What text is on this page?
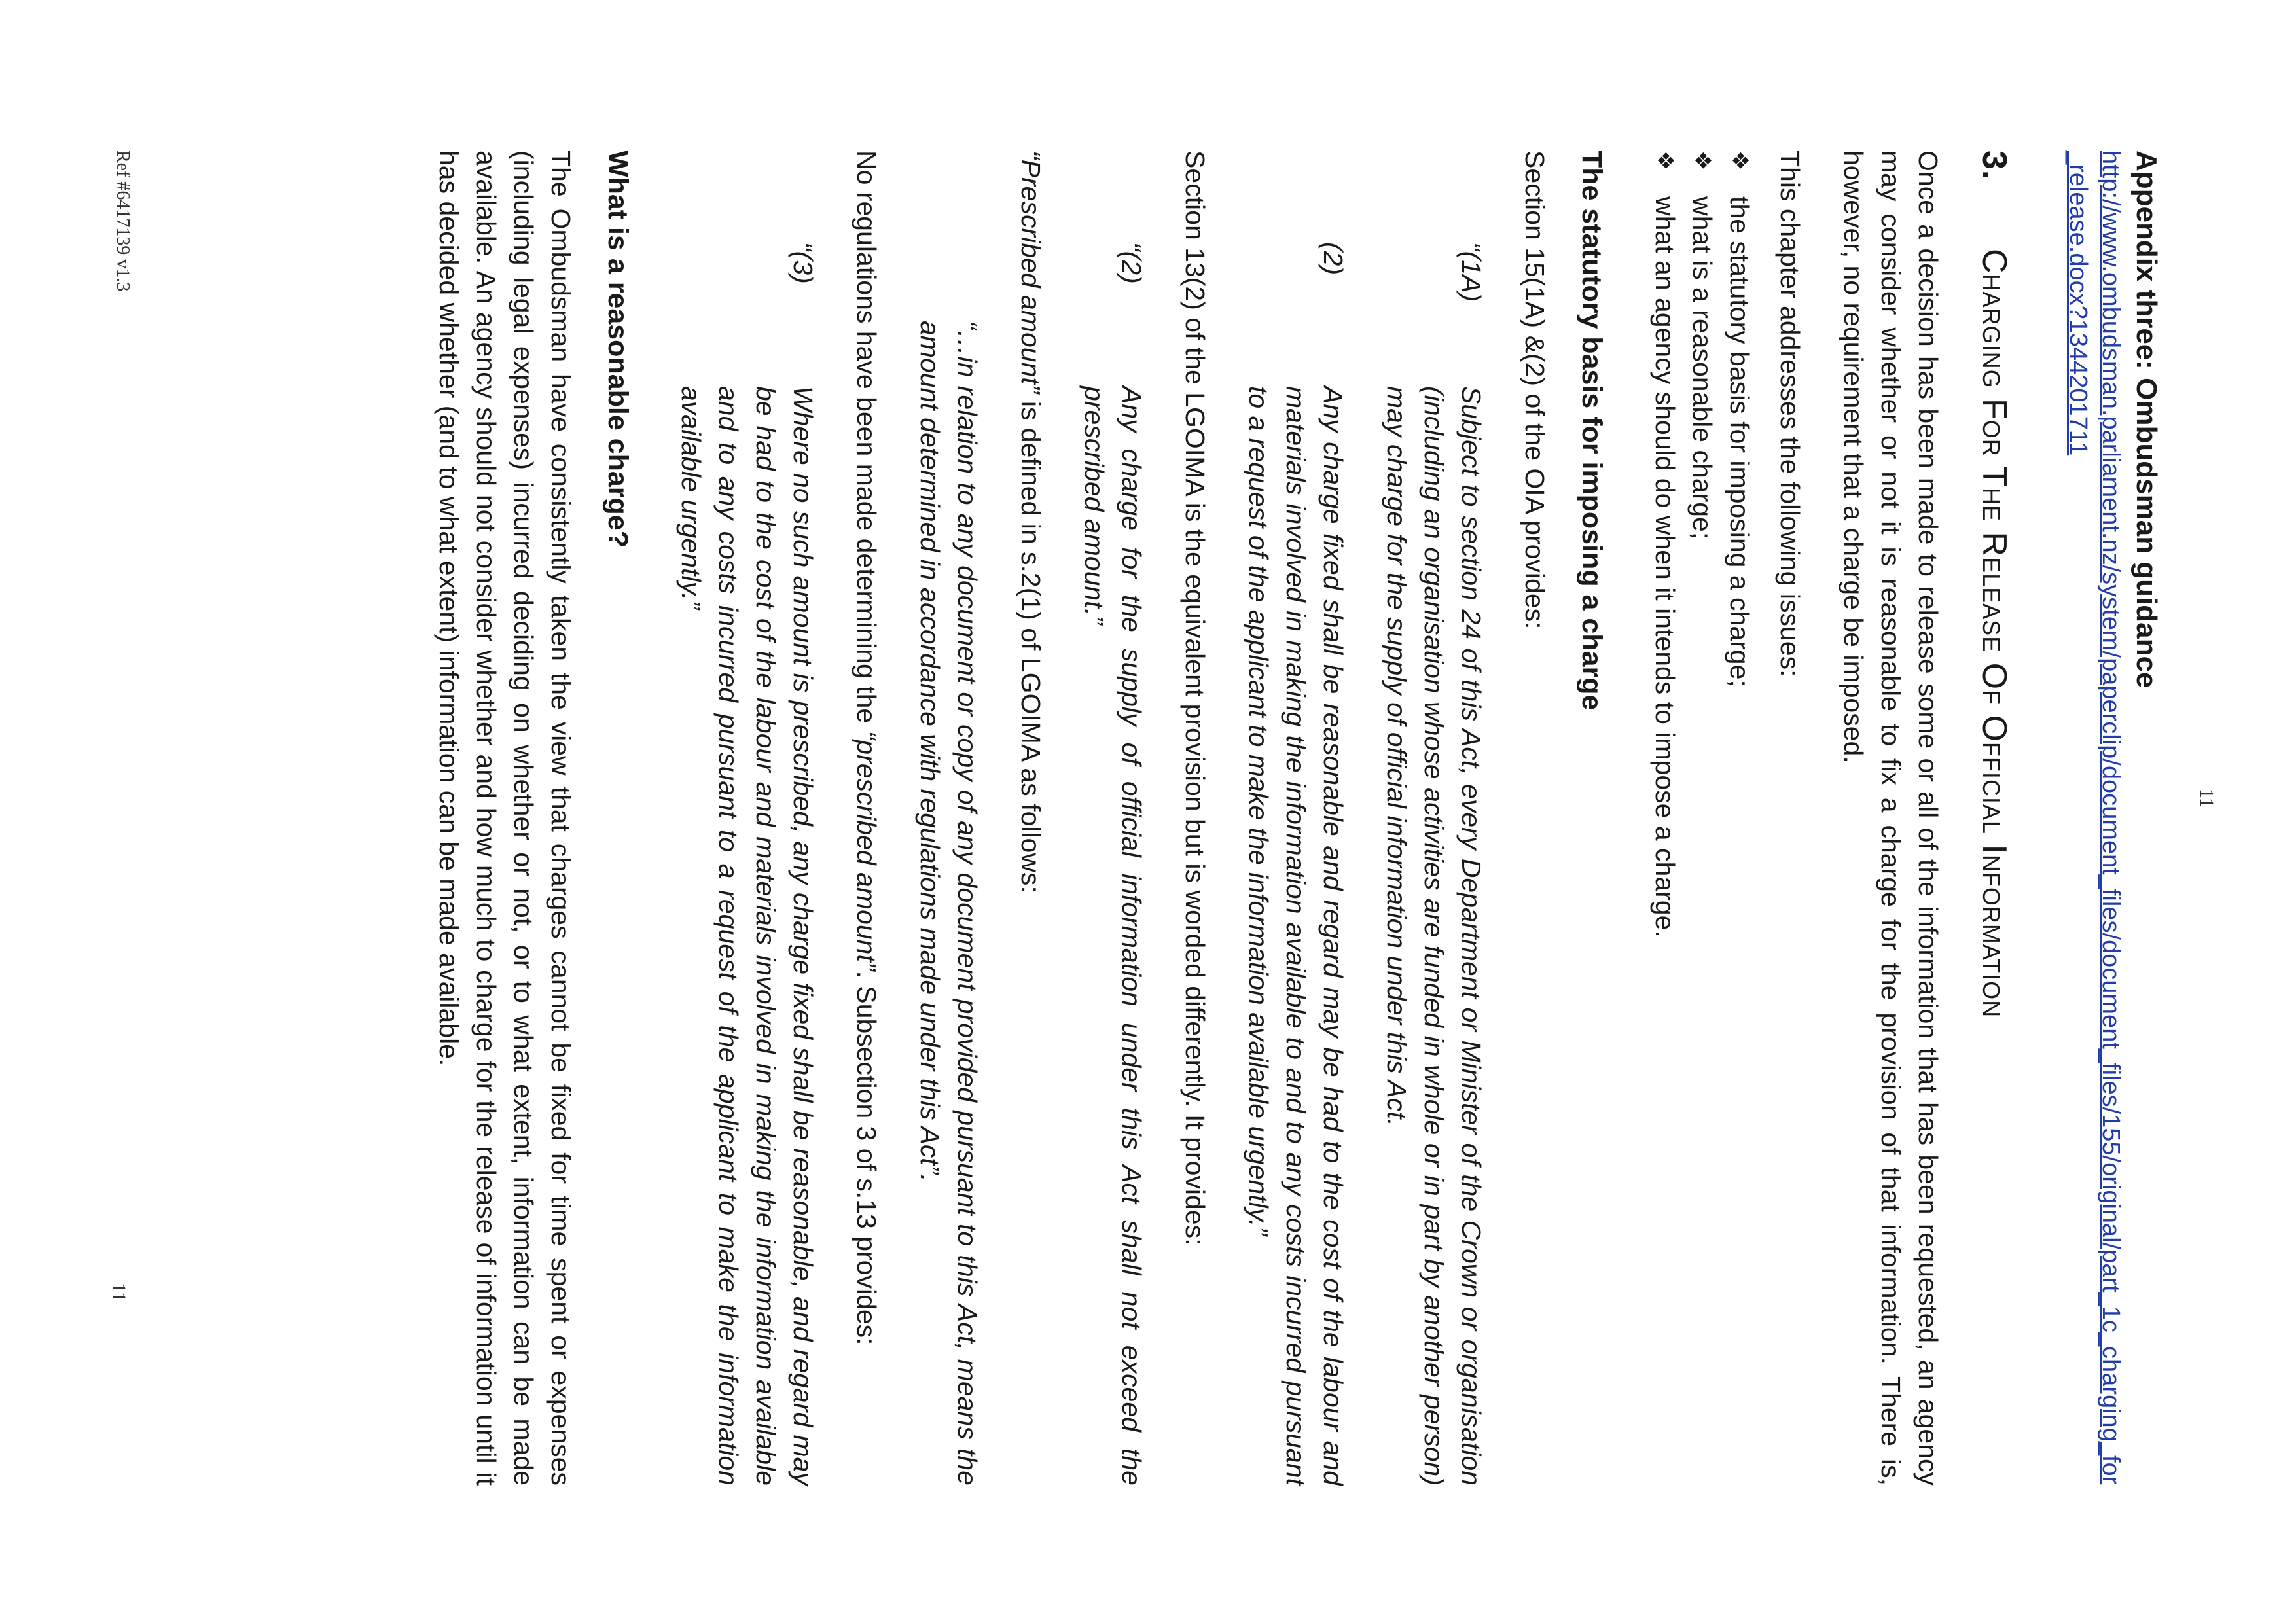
11
Appendix three: Ombudsman guidance
http://www.ombudsman.parliament.nz/system/paperclip/document_files/document_files/155/original/part_1c_charging_for_release.docx?1344201711
3.Charging For The Release Of Official Information

Once a decision has been made to release some or all of the information that has been requested, an agency may consider whether or not it is reasonable to fix a charge for the provision of that information. There is, however, no requirement that a charge be imposed.

This chapter addresses the following issues:

❖
the statutory basis for imposing a charge;
❖
what is a reasonable charge;
❖
what an agency should do when it intends to impose a charge.
The statutory basis for imposing a charge

Section 15(1A) &(2) of the OIA provides:

“(1A)
Subject to section 24 of this Act, every Department or Minister of the Crown or organisation (including an organisation whose activities are funded in whole or in part by another person) may charge for the supply of official information under this Act.
(2)
Any charge fixed shall be reasonable and regard may be had to the cost of the labour and materials involved in making the information available to and to any costs incurred pursuant to a request of the applicant to make the information available urgently.”

Section 13(2) of the LGOIMA is the equivalent provision but is worded differently. It provides:

“(2)
Any charge for the supply of official information under this Act shall not exceed the prescribed amount.”

“Prescribed amount” is defined in s.2(1) of LGOIMA as follows:

“…in relation to any document or copy of any document provided pursuant to this Act, means the amount determined in accordance with regulations made under this Act”.

No regulations have been made determining the “prescribed amount”. Subsection 3 of s.13 provides:

“(3)
Where no such amount is prescribed, any charge fixed shall be reasonable, and regard may be had to the cost of the labour and materials involved in making the information available and to any costs incurred pursuant to a request of the applicant to make the information available urgently.”
What is a reasonable charge?

The Ombudsman have consistently taken the view that charges cannot be fixed for time spent or expenses (including legal expenses) incurred deciding on whether or not, or to what extent, information can be made available. An agency should not consider whether and how much to charge for the release of information until it has decided whether (and to what extent) information can be made available.

Ref #6417139 v1.3
11
